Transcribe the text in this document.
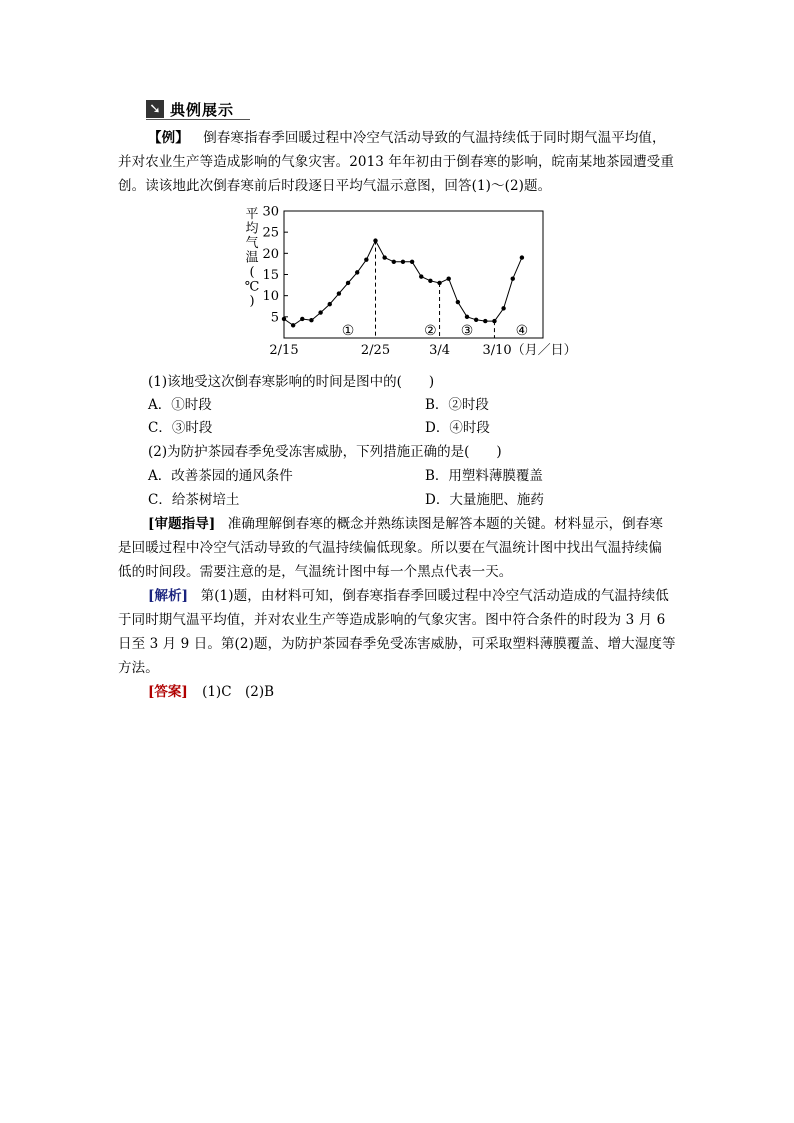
➘ 典例展示
【例】 倒春寒指春季回暖过程中冷空气活动导致的气温持续低于同时期气温平均值，
并对农业生产等造成影响的气象灾害。2013 年年初由于倒春寒的影响，皖南某地茶园遭受重
创。读该地此次倒春寒前后时段逐日平均气温示意图，回答(1)～(2)题。
平
均
气
温
(
℃
)
5
10
15
20
25
30
2/15	2/25	3/4 3/10（月／日）
①	② ③	④
(1)该地受这次倒春寒影响的时间是图中的(　　)
A．①时段	B．②时段
C．③时段	D．④时段
(2)为防护茶园春季免受冻害威胁，下列措施正确的是(　　)
A．改善茶园的通风条件	B．用塑料薄膜覆盖
C．给茶树培土	D．大量施肥、施药
[审题指导] 准确理解倒春寒的概念并熟练读图是解答本题的关键。材料显示，倒春寒
是回暖过程中冷空气活动导致的气温持续偏低现象。所以要在气温统计图中找出气温持续偏
低的时间段。需要注意的是，气温统计图中每一个黑点代表一天。
[解析] 第(1)题，由材料可知，倒春寒指春季回暖过程中冷空气活动造成的气温持续低
于同时期气温平均值，并对农业生产等造成影响的气象灾害。图中符合条件的时段为 3 月 6
日至 3 月 9 日。第(2)题，为防护茶园春季免受冻害威胁，可采取塑料薄膜覆盖、增大湿度等
方法。
[答案] (1)C　(2)B
